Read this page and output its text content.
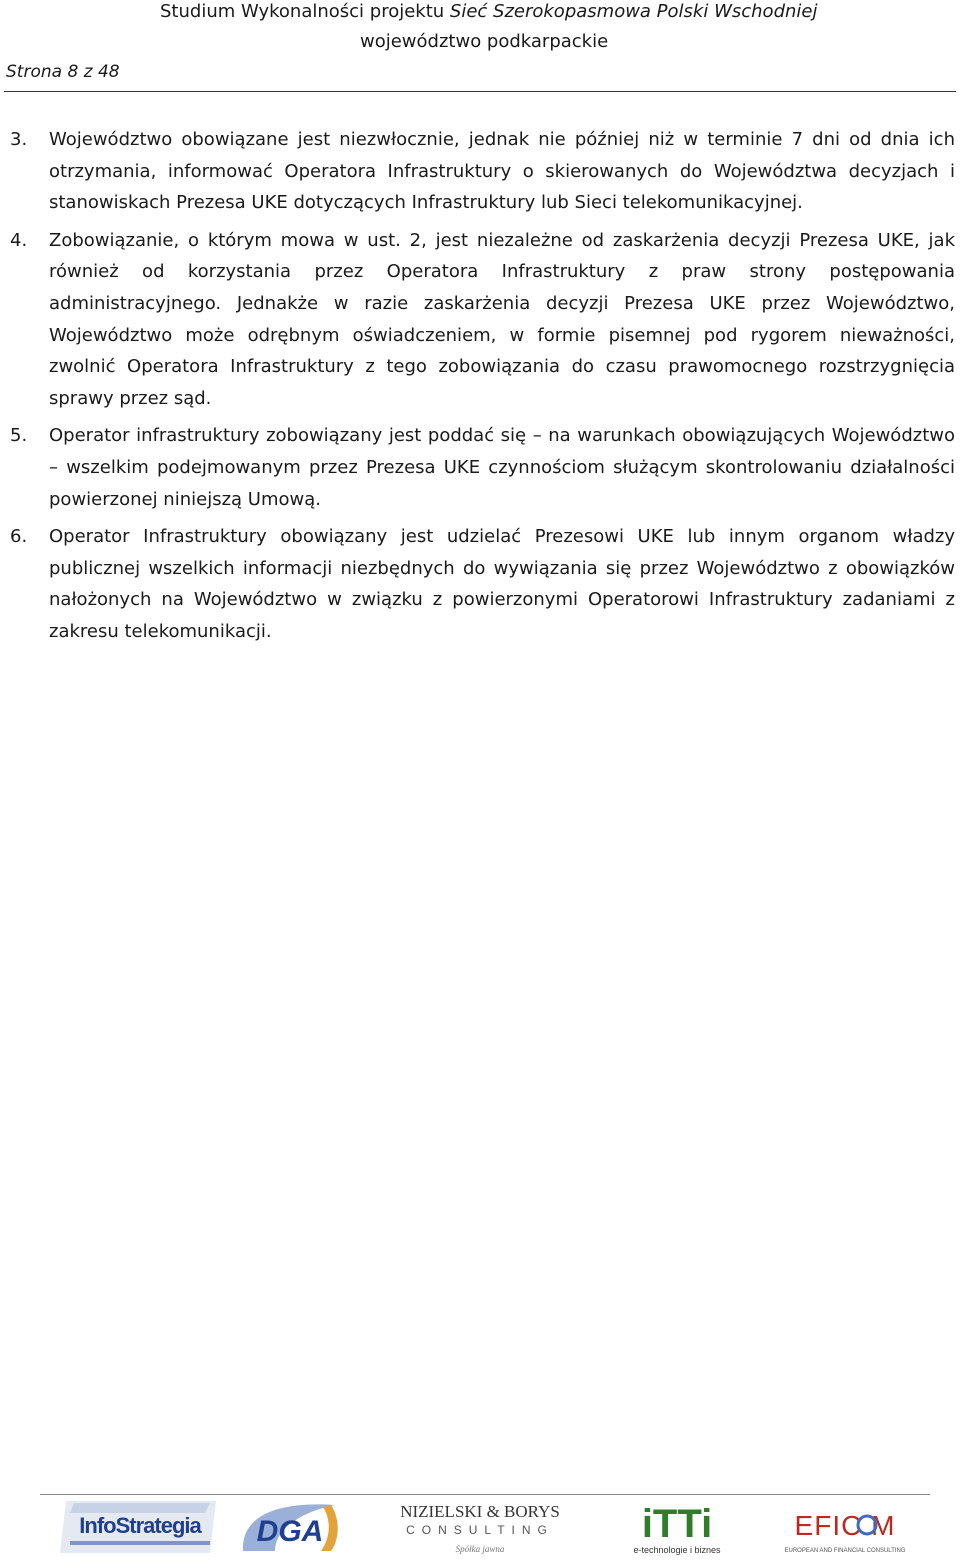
Studium Wykonalności projektu Sieć Szerokopasmowa Polski Wschodniej
województwo podkarpackie
Strona 8 z 48

3. Województwo obowiązane jest niezwłocznie, jednak nie później niż w terminie 7 dni od dnia ich otrzymania, informować Operatora Infrastruktury o skierowanych do Województwa decyzjach i stanowiskach Prezesa UKE dotyczących Infrastruktury lub Sieci telekomunikacyjnej.

4. Zobowiązanie, o którym mowa w ust. 2, jest niezależne od zaskarżenia decyzji Prezesa UKE, jak również od korzystania przez Operatora Infrastruktury z praw strony postępowania administracyjnego. Jednakże w razie zaskarżenia decyzji Prezesa UKE przez Województwo, Województwo może odrębnym oświadczeniem, w formie pisemnej pod rygorem nieważności, zwolnić Operatora Infrastruktury z tego zobowiązania do czasu prawomocnego rozstrzygnięcia sprawy przez sąd.

5. Operator infrastruktury zobowiązany jest poddać się – na warunkach obowiązujących Województwo – wszelkim podejmowanym przez Prezesa UKE czynnościom służącym skontrolowaniu działalności powierzonej niniejszą Umową.

6. Operator Infrastruktury obowiązany jest udzielać Prezesowi UKE lub innym organom władzy publicznej wszelkich informacji niezbędnych do wywiązania się przez Województwo z obowiązków nałożonych na Województwo w związku z powierzonymi Operatorowi Infrastruktury zadaniami z zakresu telekomunikacji.

InfoStrategia DGA
NIZIELSKI & BORYS
CONSULTING
Spółka jawna
iTTi
e-technologie i biznes
EFIC M
EUROPEAN AND FINANCIAL CONSULTING
